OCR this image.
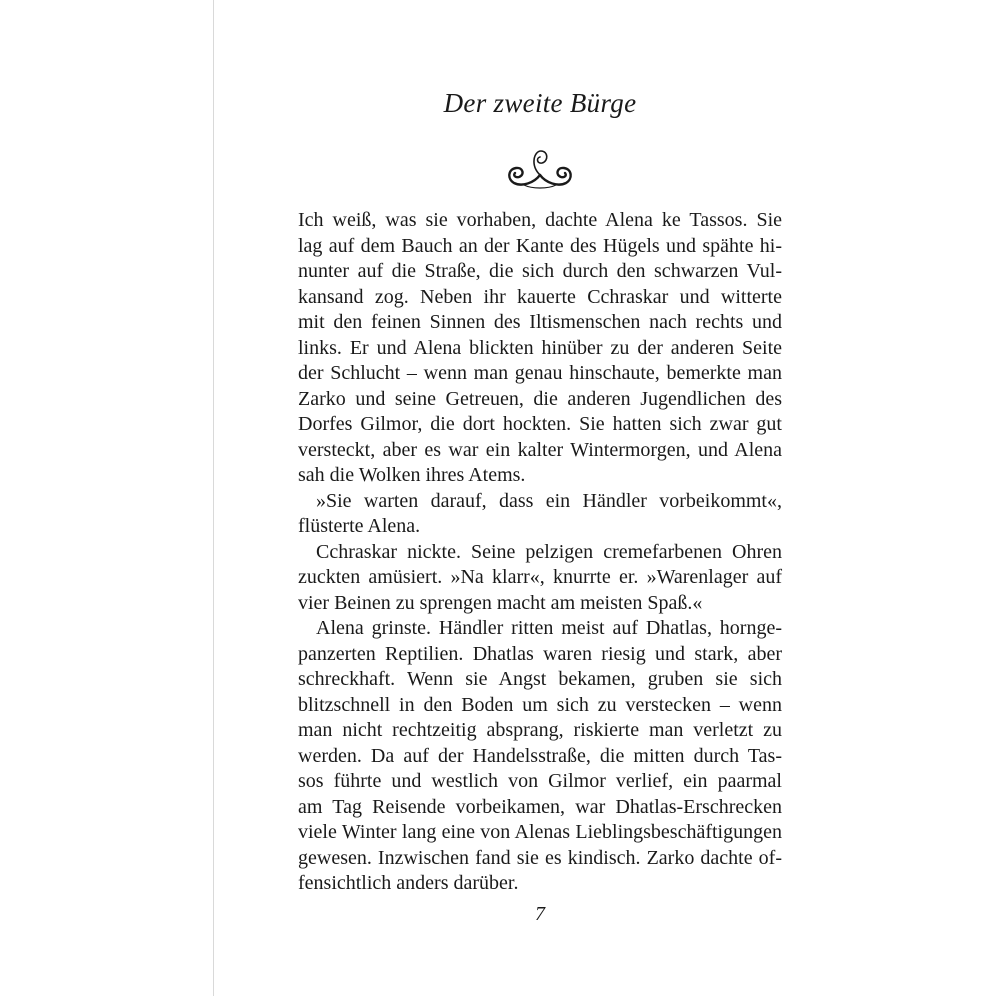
Der zweite Bürge

Ich weiß, was sie vorhaben, dachte Alena ke Tassos. Sie
lag auf dem Bauch an der Kante des Hügels und spähte hi-
nunter auf die Straße, die sich durch den schwarzen Vul-
kansand zog. Neben ihr kauerte Cchraskar und witterte
mit den feinen Sinnen des Iltismenschen nach rechts und
links. Er und Alena blickten hinüber zu der anderen Seite
der Schlucht – wenn man genau hinschaute, bemerkte man
Zarko und seine Getreuen, die anderen Jugendlichen des
Dorfes Gilmor, die dort hockten. Sie hatten sich zwar gut
versteckt, aber es war ein kalter Wintermorgen, und Alena
sah die Wolken ihres Atems.

»Sie warten darauf, dass ein Händler vorbeikommt«,
flüsterte Alena.

Cchraskar nickte. Seine pelzigen cremefarbenen Ohren
zuckten amüsiert. »Na klarr«, knurrte er. »Warenlager auf
vier Beinen zu sprengen macht am meisten Spaß.«

Alena grinste. Händler ritten meist auf Dhatlas, hornge-
panzerten Reptilien. Dhatlas waren riesig und stark, aber
schreckhaft. Wenn sie Angst bekamen, gruben sie sich
blitzschnell in den Boden um sich zu verstecken – wenn
man nicht rechtzeitig absprang, riskierte man verletzt zu
werden. Da auf der Handelsstraße, die mitten durch Tas-
sos führte und westlich von Gilmor verlief, ein paarmal
am Tag Reisende vorbeikamen, war Dhatlas-Erschrecken
viele Winter lang eine von Alenas Lieblingsbeschäftigungen
gewesen. Inzwischen fand sie es kindisch. Zarko dachte of-
fensichtlich anders darüber.

7
